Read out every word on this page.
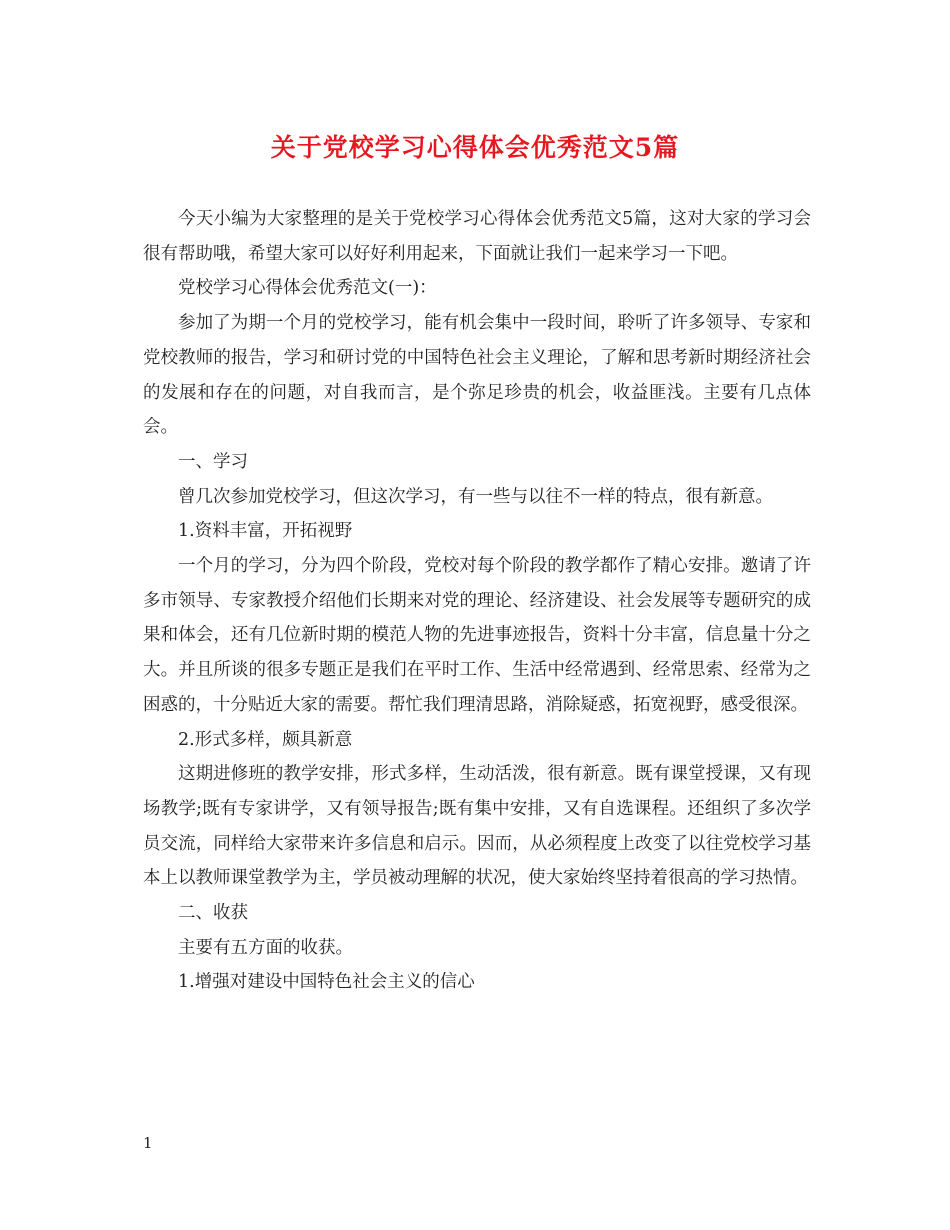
关于党校学习心得体会优秀范文5篇

今天小编为大家整理的是关于党校学习心得体会优秀范文5篇，这对大家的学习会很有帮助哦，希望大家可以好好利用起来，下面就让我们一起来学习一下吧。

党校学习心得体会优秀范文(一)：

参加了为期一个月的党校学习，能有机会集中一段时间，聆听了许多领导、专家和党校教师的报告，学习和研讨党的中国特色社会主义理论，了解和思考新时期经济社会的发展和存在的问题，对自我而言，是个弥足珍贵的机会，收益匪浅。主要有几点体会。

一、学习

曾几次参加党校学习，但这次学习，有一些与以往不一样的特点，很有新意。

1.资料丰富，开拓视野

一个月的学习，分为四个阶段，党校对每个阶段的教学都作了精心安排。邀请了许多市领导、专家教授介绍他们长期来对党的理论、经济建设、社会发展等专题研究的成果和体会，还有几位新时期的模范人物的先进事迹报告，资料十分丰富，信息量十分之大。并且所谈的很多专题正是我们在平时工作、生活中经常遇到、经常思索、经常为之困惑的，十分贴近大家的需要。帮忙我们理清思路，消除疑惑，拓宽视野，感受很深。

2.形式多样，颇具新意

这期进修班的教学安排，形式多样，生动活泼，很有新意。既有课堂授课，又有现场教学;既有专家讲学，又有领导报告;既有集中安排，又有自选课程。还组织了多次学员交流，同样给大家带来许多信息和启示。因而，从必须程度上改变了以往党校学习基本上以教师课堂教学为主，学员被动理解的状况，使大家始终坚持着很高的学习热情。

二、收获

主要有五方面的收获。

1.增强对建设中国特色社会主义的信心

1
